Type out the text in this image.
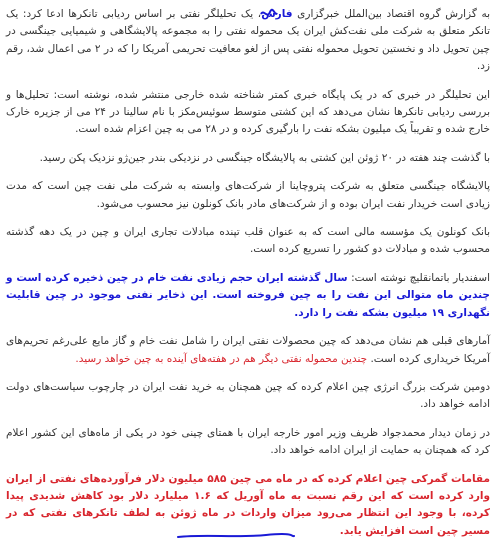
به گزارش گروه اقتصاد بین‌الملل خبرگزاری فارس
، یک تحلیلگر نفتی بر اساس ردیابی تانکرها ادعا کرد: یک تانکر متعلق به شرکت ملی نفت‌کش ایران یک محموله نفتی را به مجموعه پالایشگاهی و شیمیایی جینگسی در چین تحویل داد و نخستین تحویل محموله نفتی پس از لغو معافیت تحریمی آمریکا را که در ۲ می اعمال شد، رقم زد.

این تحلیلگر در خبری که در یک پایگاه خبری کمتر شناخته شده خارجی منتشر شده، نوشته است: تحلیل‌ها و بررسی ردیابی تانکرها نشان می‌دهد که این کشتی متوسط سوئیس‌مکز با نام سالینا در ۲۴ می از جزیره خارک خارج شده و تقریباً یک میلیون بشکه نفت را بارگیری کرده و در ۲۸ می به چین اعزام شده است.

با گذشت چند هفته در ۲۰ ژوئن این کشتی به پالایشگاه جینگسی در نزدیکی بندر جین‌ژو نزدیک پکن رسید.

پالایشگاه جینگسی متعلق به شرکت پتروچاینا از شرکت‌های وابسته به شرکت ملی نفت چین است که مدت زیادی است خریدار نفت ایران بوده و از شرکت‌های مادر بانک کونلون نیز محسوب می‌شود.

بانک کونلون یک مؤسسه مالی است که به عنوان قلب تپنده مبادلات تجاری ایران و چین در یک دهه گذشته محسوب شده و مبادلات دو کشور را تسریع کرده است.

اسفندیار باتمانقلیچ نوشته است: سال گذشته ایران حجم زیادی نفت خام در چین ذخیره کرده است و چندین ماه متوالی این نفت را به چین فروخته است. این ذخایر نفتی موجود در چین قابلیت نگهداری ۱۹ میلیون بشکه نفت را دارد.

آمارهای قبلی هم نشان می‌دهد که چین محصولات نفتی ایران را شامل نفت خام و گاز مایع علی‌رغم تحریم‌های آمریکا خریداری کرده است. چندین محموله نفتی دیگر هم در هفته‌های آینده به چین خواهد رسید.

دومین شرکت بزرگ انرژی چین اعلام کرده که چین همچنان به خرید نفت ایران در چارچوب سیاست‌های دولت ادامه خواهد داد.

در زمان دیدار محمدجواد ظریف وزیر امور خارجه ایران با همتای چینی خود در یکی از ماه‌های این کشور اعلام کرد که همچنان به حمایت از ایران ادامه خواهد داد.

مقامات گمرکی چین اعلام کرده که در ماه می چین ۵۸۵ میلیون دلار فرآورده‌های نفتی از ایران وارد کرده است که این رقم نسبت به ماه آوریل که ۱.۶ میلیارد دلار بود کاهش شدیدی پیدا کرده، با وجود این انتظار می‌رود میزان واردات در ماه ژوئن به لطف تانکرهای نفتی که در مسیر چین است افزایش یابد.
